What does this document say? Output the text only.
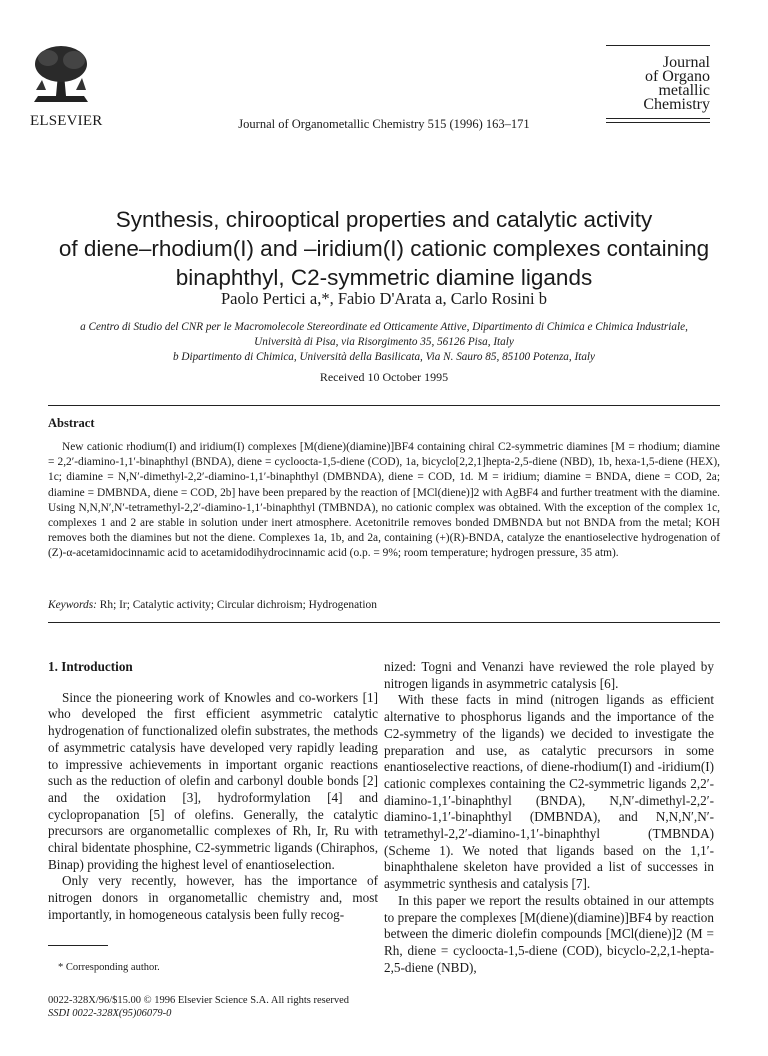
ELSEVIER	Journal of Organometallic Chemistry 515 (1996) 163–171
Journal
of Organo
metallic
Chemistry
Synthesis, chirooptical properties and catalytic activity
of diene–rhodium(I) and –iridium(I) cationic complexes containing
binaphthyl, C2-symmetric diamine ligands
Paolo Pertici a,*, Fabio D'Arata a, Carlo Rosini b
a Centro di Studio del CNR per le Macromolecole Stereordinate ed Otticamente Attive, Dipartimento di Chimica e Chimica Industriale,
Università di Pisa, via Risorgimento 35, 56126 Pisa, Italy
b Dipartimento di Chimica, Università della Basilicata, Via N. Sauro 85, 85100 Potenza, Italy
Received 10 October 1995
Abstract
New cationic rhodium(I) and iridium(I) complexes [M(diene)(diamine)]BF4 containing chiral C2-symmetric diamines [M = rhodium; diamine = 2,2′-diamino-1,1′-binaphthyl (BNDA), diene = cycloocta-1,5-diene (COD), 1a, bicyclo[2,2,1]hepta-2,5-diene (NBD), 1b, hexa-1,5-diene (HEX), 1c; diamine = N,N′-dimethyl-2,2′-diamino-1,1′-binaphthyl (DMBNDA), diene = COD, 1d. M = iridium; diamine = BNDA, diene = COD, 2a; diamine = DMBNDA, diene = COD, 2b] have been prepared by the reaction of [MCl(diene)]2 with AgBF4 and further treatment with the diamine. Using N,N,N′,N′-tetramethyl-2,2′-diamino-1,1′-binaphthyl (TMBNDA), no cationic complex was obtained. With the exception of the complex 1c, complexes 1 and 2 are stable in solution under inert atmosphere. Acetonitrile removes bonded DMBNDA but not BNDA from the metal; KOH removes both the diamines but not the diene. Complexes 1a, 1b, and 2a, containing (+)(R)-BNDA, catalyze the enantioselective hydrogenation of (Z)-α-acetamidocinnamic acid to acetamidodihydrocinnamic acid (o.p. = 9%; room temperature; hydrogen pressure, 35 atm).
Keywords: Rh; Ir; Catalytic activity; Circular dichroism; Hydrogenation
1. Introduction

Since the pioneering work of Knowles and co-workers [1] who developed the first efficient asymmetric catalytic hydrogenation of functionalized olefin substrates, the methods of asymmetric catalysis have developed very rapidly leading to impressive achievements in important organic reactions such as the reduction of olefin and carbonyl double bonds [2] and the oxidation [3], hydroformylation [4] and cyclopropanation [5] of olefins. Generally, the catalytic precursors are organometallic complexes of Rh, Ir, Ru with chiral bidentate phosphine, C2-symmetric ligands (Chiraphos, Binap) providing the highest level of enantioselection.

Only very recently, however, has the importance of nitrogen donors in organometallic chemistry and, most importantly, in homogeneous catalysis been fully recog-

nized: Togni and Venanzi have reviewed the role played by nitrogen ligands in asymmetric catalysis [6].

With these facts in mind (nitrogen ligands as efficient alternative to phosphorus ligands and the importance of the C2-symmetry of the ligands) we decided to investigate the preparation and use, as catalytic precursors in some enantioselective reactions, of diene-rhodium(I) and -iridium(I) cationic complexes containing the C2-symmetric ligands 2,2′-diamino-1,1′-binaphthyl (BNDA), N,N′-dimethyl-2,2′-diamino-1,1′-binaphthyl (DMBNDA), and N,N,N′,N′-tetramethyl-2,2′-diamino-1,1′-binaphthyl (TMBNDA) (Scheme 1). We noted that ligands based on the 1,1′-binaphthalene skeleton have provided a list of successes in asymmetric synthesis and catalysis [7].

In this paper we report the results obtained in our attempts to prepare the complexes [M(diene)(diamine)]BF4 by reaction between the dimeric diolefin compounds [MCl(diene)]2 (M = Rh, diene = cycloocta-1,5-diene (COD), bicyclo-2,2,1-hepta-2,5-diene (NBD),

* Corresponding author.
0022-328X/96/$15.00 © 1996 Elsevier Science S.A. All rights reserved
SSDI 0022-328X(95)06079-0
